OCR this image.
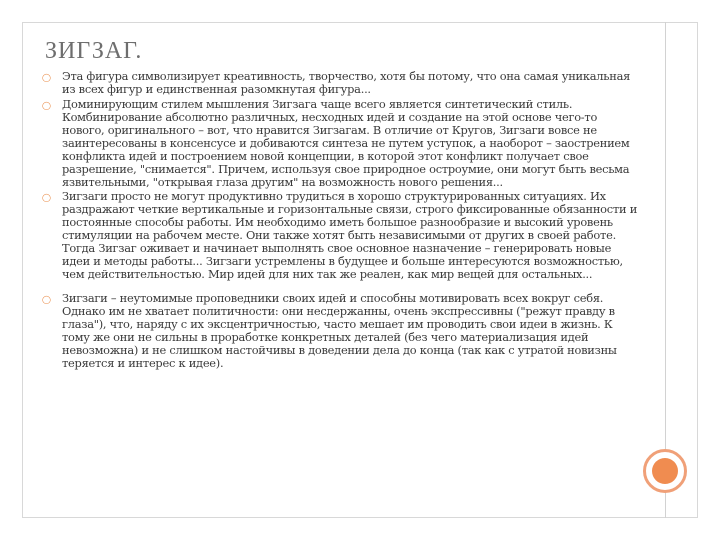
ЗИГЗАГ.
◯ Эта фигура символизирует креативность, творчество, хотя бы потому, что она самая уникальная из всех фигур и единственная разомкнутая фигура...
◯ Доминирующим стилем мышления Зигзага чаще всего является синтетический стиль. Комбинирование абсолютно различных, несходных идей и создание на этой основе чего-то нового, оригинального – вот, что нравится Зигзагам. В отличие от Кругов, Зигзаги вовсе не заинтересованы в консенсусе и добиваются синтеза не путем уступок, а наоборот – заострением конфликта идей и построением новой концепции, в которой этот конфликт получает свое разрешение, "снимается". Причем, используя свое природное остроумие, они могут быть весьма язвительными, "открывая глаза другим" на возможность нового решения...
◯ Зигзаги просто не могут продуктивно трудиться в хорошо структурированных ситуациях. Их раздражают четкие вертикальные и горизонтальные связи, строго фиксированные обязанности и постоянные способы работы. Им необходимо иметь большое разнообразие и высокий уровень стимуляции на рабочем месте. Они также хотят быть независимыми от других в своей работе. Тогда Зигзаг оживает и начинает выполнять свое основное назначение – генерировать новые идеи и методы работы... Зигзаги устремлены в будущее и больше интересуются возможностью, чем действительностью. Мир идей для них так же реален, как мир вещей для остальных...
◯ Зигзаги – неутомимые проповедники своих идей и способны мотивировать всех вокруг себя. Однако им не хватает политичности: они несдержанны, очень экспрессивны ("режут правду в глаза"), что, наряду с их эксцентричностью, часто мешает им проводить свои идеи в жизнь. К тому же они не сильны в проработке конкретных деталей (без чего материализация идей невозможна) и не слишком настойчивы в доведении дела до конца (так как с утратой новизны теряется и интерес к идее).
